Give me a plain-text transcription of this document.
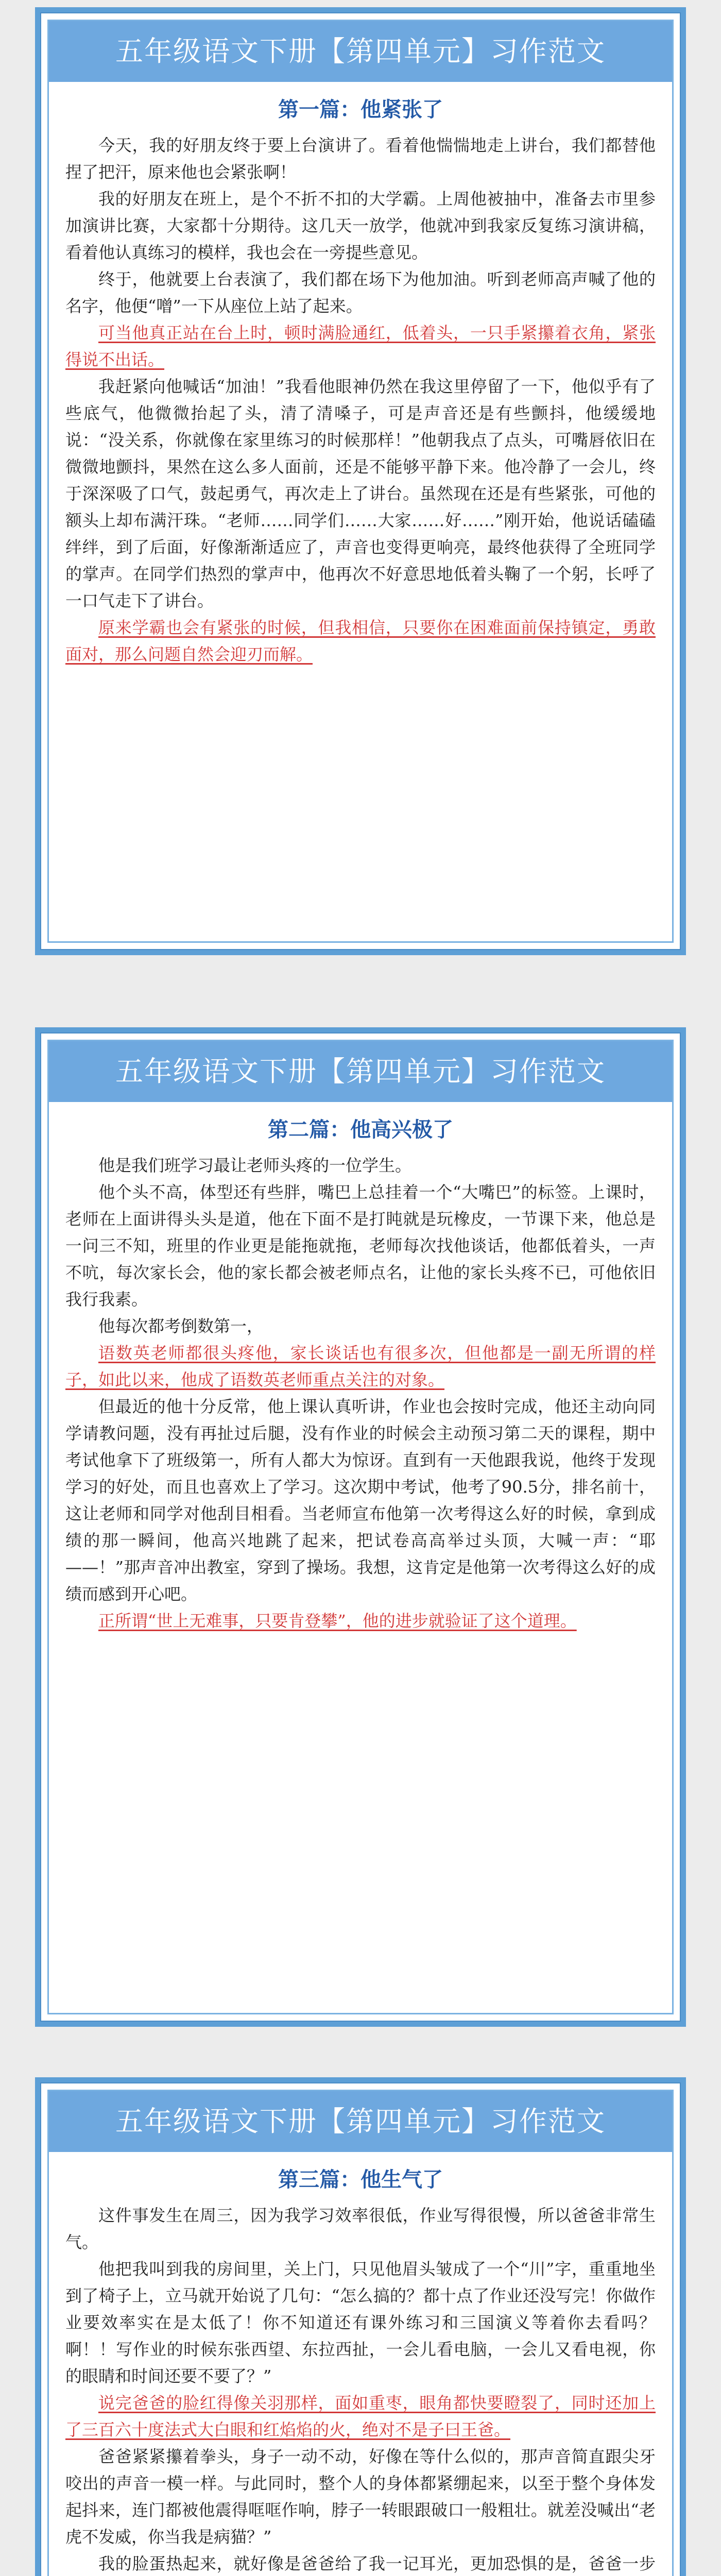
五年级语文下册【第四单元】习作范文
第一篇：他紧张了

今天，我的好朋友终于要上台演讲了。看着他惴惴地走上讲台，我们都替他捏了把汗，原来他也会紧张啊！

我的好朋友在班上，是个不折不扣的大学霸。上周他被抽中，准备去市里参加演讲比赛，大家都十分期待。这几天一放学，他就冲到我家反复练习演讲稿，看着他认真练习的模样，我也会在一旁提些意见。

终于，他就要上台表演了，我们都在场下为他加油。听到老师高声喊了他的名字，他便“噌”一下从座位上站了起来。

可当他真正站在台上时，顿时满脸通红，低着头，一只手紧攥着衣角，紧张得说不出话。

我赶紧向他喊话“加油！”我看他眼神仍然在我这里停留了一下，他似乎有了些底气，他微微抬起了头，清了清嗓子，可是声音还是有些颤抖，他缓缓地说：“没关系，你就像在家里练习的时候那样！”他朝我点了点头，可嘴唇依旧在微微地颤抖，果然在这么多人面前，还是不能够平静下来。他冷静了一会儿，终于深深吸了口气，鼓起勇气，再次走上了讲台。虽然现在还是有些紧张，可他的额头上却布满汗珠。“老师……同学们……大家……好……”刚开始，他说话磕磕绊绊，到了后面，好像渐渐适应了，声音也变得更响亮，最终他获得了全班同学的掌声。在同学们热烈的掌声中，他再次不好意思地低着头鞠了一个躬，长呼了一口气走下了讲台。

原来学霸也会有紧张的时候，但我相信，只要你在困难面前保持镇定，勇敢面对，那么问题自然会迎刃而解。

五年级语文下册【第四单元】习作范文
第二篇：他高兴极了

他是我们班学习最让老师头疼的一位学生。

他个头不高，体型还有些胖，嘴巴上总挂着一个“大嘴巴”的标签。上课时，老师在上面讲得头头是道，他在下面不是打盹就是玩橡皮，一节课下来，他总是一问三不知，班里的作业更是能拖就拖，老师每次找他谈话，他都低着头，一声不吭，每次家长会，他的家长都会被老师点名，让他的家长头疼不已，可他依旧我行我素。

他每次都考倒数第一，

语数英老师都很头疼他，家长谈话也有很多次，但他都是一副无所谓的样子，如此以来，他成了语数英老师重点关注的对象。

但最近的他十分反常，他上课认真听讲，作业也会按时完成，他还主动向同学请教问题，没有再扯过后腿，没有作业的时候会主动预习第二天的课程，期中考试他拿下了班级第一，所有人都大为惊讶。直到有一天他跟我说，他终于发现学习的好处，而且也喜欢上了学习。这次期中考试，他考了90.5分，排名前十，这让老师和同学对他刮目相看。当老师宣布他第一次考得这么好的时候，拿到成绩的那一瞬间，他高兴地跳了起来，把试卷高高举过头顶，大喊一声：“耶——！”那声音冲出教室，穿到了操场。我想，这肯定是他第一次考得这么好的成绩而感到开心吧。

正所谓“世上无难事，只要肯登攀”，他的进步就验证了这个道理。

五年级语文下册【第四单元】习作范文
第三篇：他生气了

这件事发生在周三，因为我学习效率很低，作业写得很慢，所以爸爸非常生气。

他把我叫到我的房间里，关上门，只见他眉头皱成了一个“川”字，重重地坐到了椅子上，立马就开始说了几句：“怎么搞的？都十点了作业还没写完！你做作业要效率实在是太低了！你不知道还有课外练习和三国演义等着你去看吗？啊！！写作业的时候东张西望、东拉西扯，一会儿看电脑，一会儿又看电视，你的眼睛和时间还要不要了？”

说完爸爸的脸红得像关羽那样，面如重枣，眼角都快要瞪裂了，同时还加上了三百六十度法式大白眼和红焰焰的火，绝对不是子曰王爸。

爸爸紧紧攥着拳头，身子一动不动，好像在等什么似的，那声音简直跟尖牙咬出的声音一模一样。与此同时，整个人的身体都紧绷起来，以至于整个身体发起抖来，连门都被他震得哐哐作响，脖子一转眼跟破口一般粗壮。就差没喊出“老虎不发威，你当我是病猫？”

我的脸蛋热起来，就好像是爸爸给了我一记耳光，更加恐惧的是，爸爸一步
